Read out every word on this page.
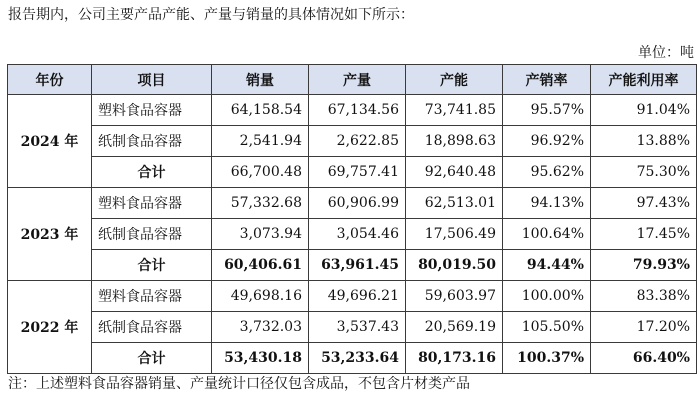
报告期内，公司主要产品产能、产量与销量的具体情况如下所示：
单位：吨
年份	项目	销量	产量	产能	产销率	产能利用率
2024 年	塑料食品容器	64,158.54	67,134.56	73,741.85	95.57%	91.04%
	纸制食品容器	2,541.94	2,622.85	18,898.63	96.92%	13.88%
	合计	66,700.48	69,757.41	92,640.48	95.62%	75.30%
2023 年	塑料食品容器	57,332.68	60,906.99	62,513.01	94.13%	97.43%
	纸制食品容器	3,073.94	3,054.46	17,506.49	100.64%	17.45%
	合计	60,406.61	63,961.45	80,019.50	94.44%	79.93%
2022 年	塑料食品容器	49,698.16	49,696.21	59,603.97	100.00%	83.38%
	纸制食品容器	3,732.03	3,537.43	20,569.19	105.50%	17.20%
	合计	53,430.18	53,233.64	80,173.16	100.37%	66.40%
注：上述塑料食品容器销量、产量统计口径仅包含成品，不包含片材类产品
